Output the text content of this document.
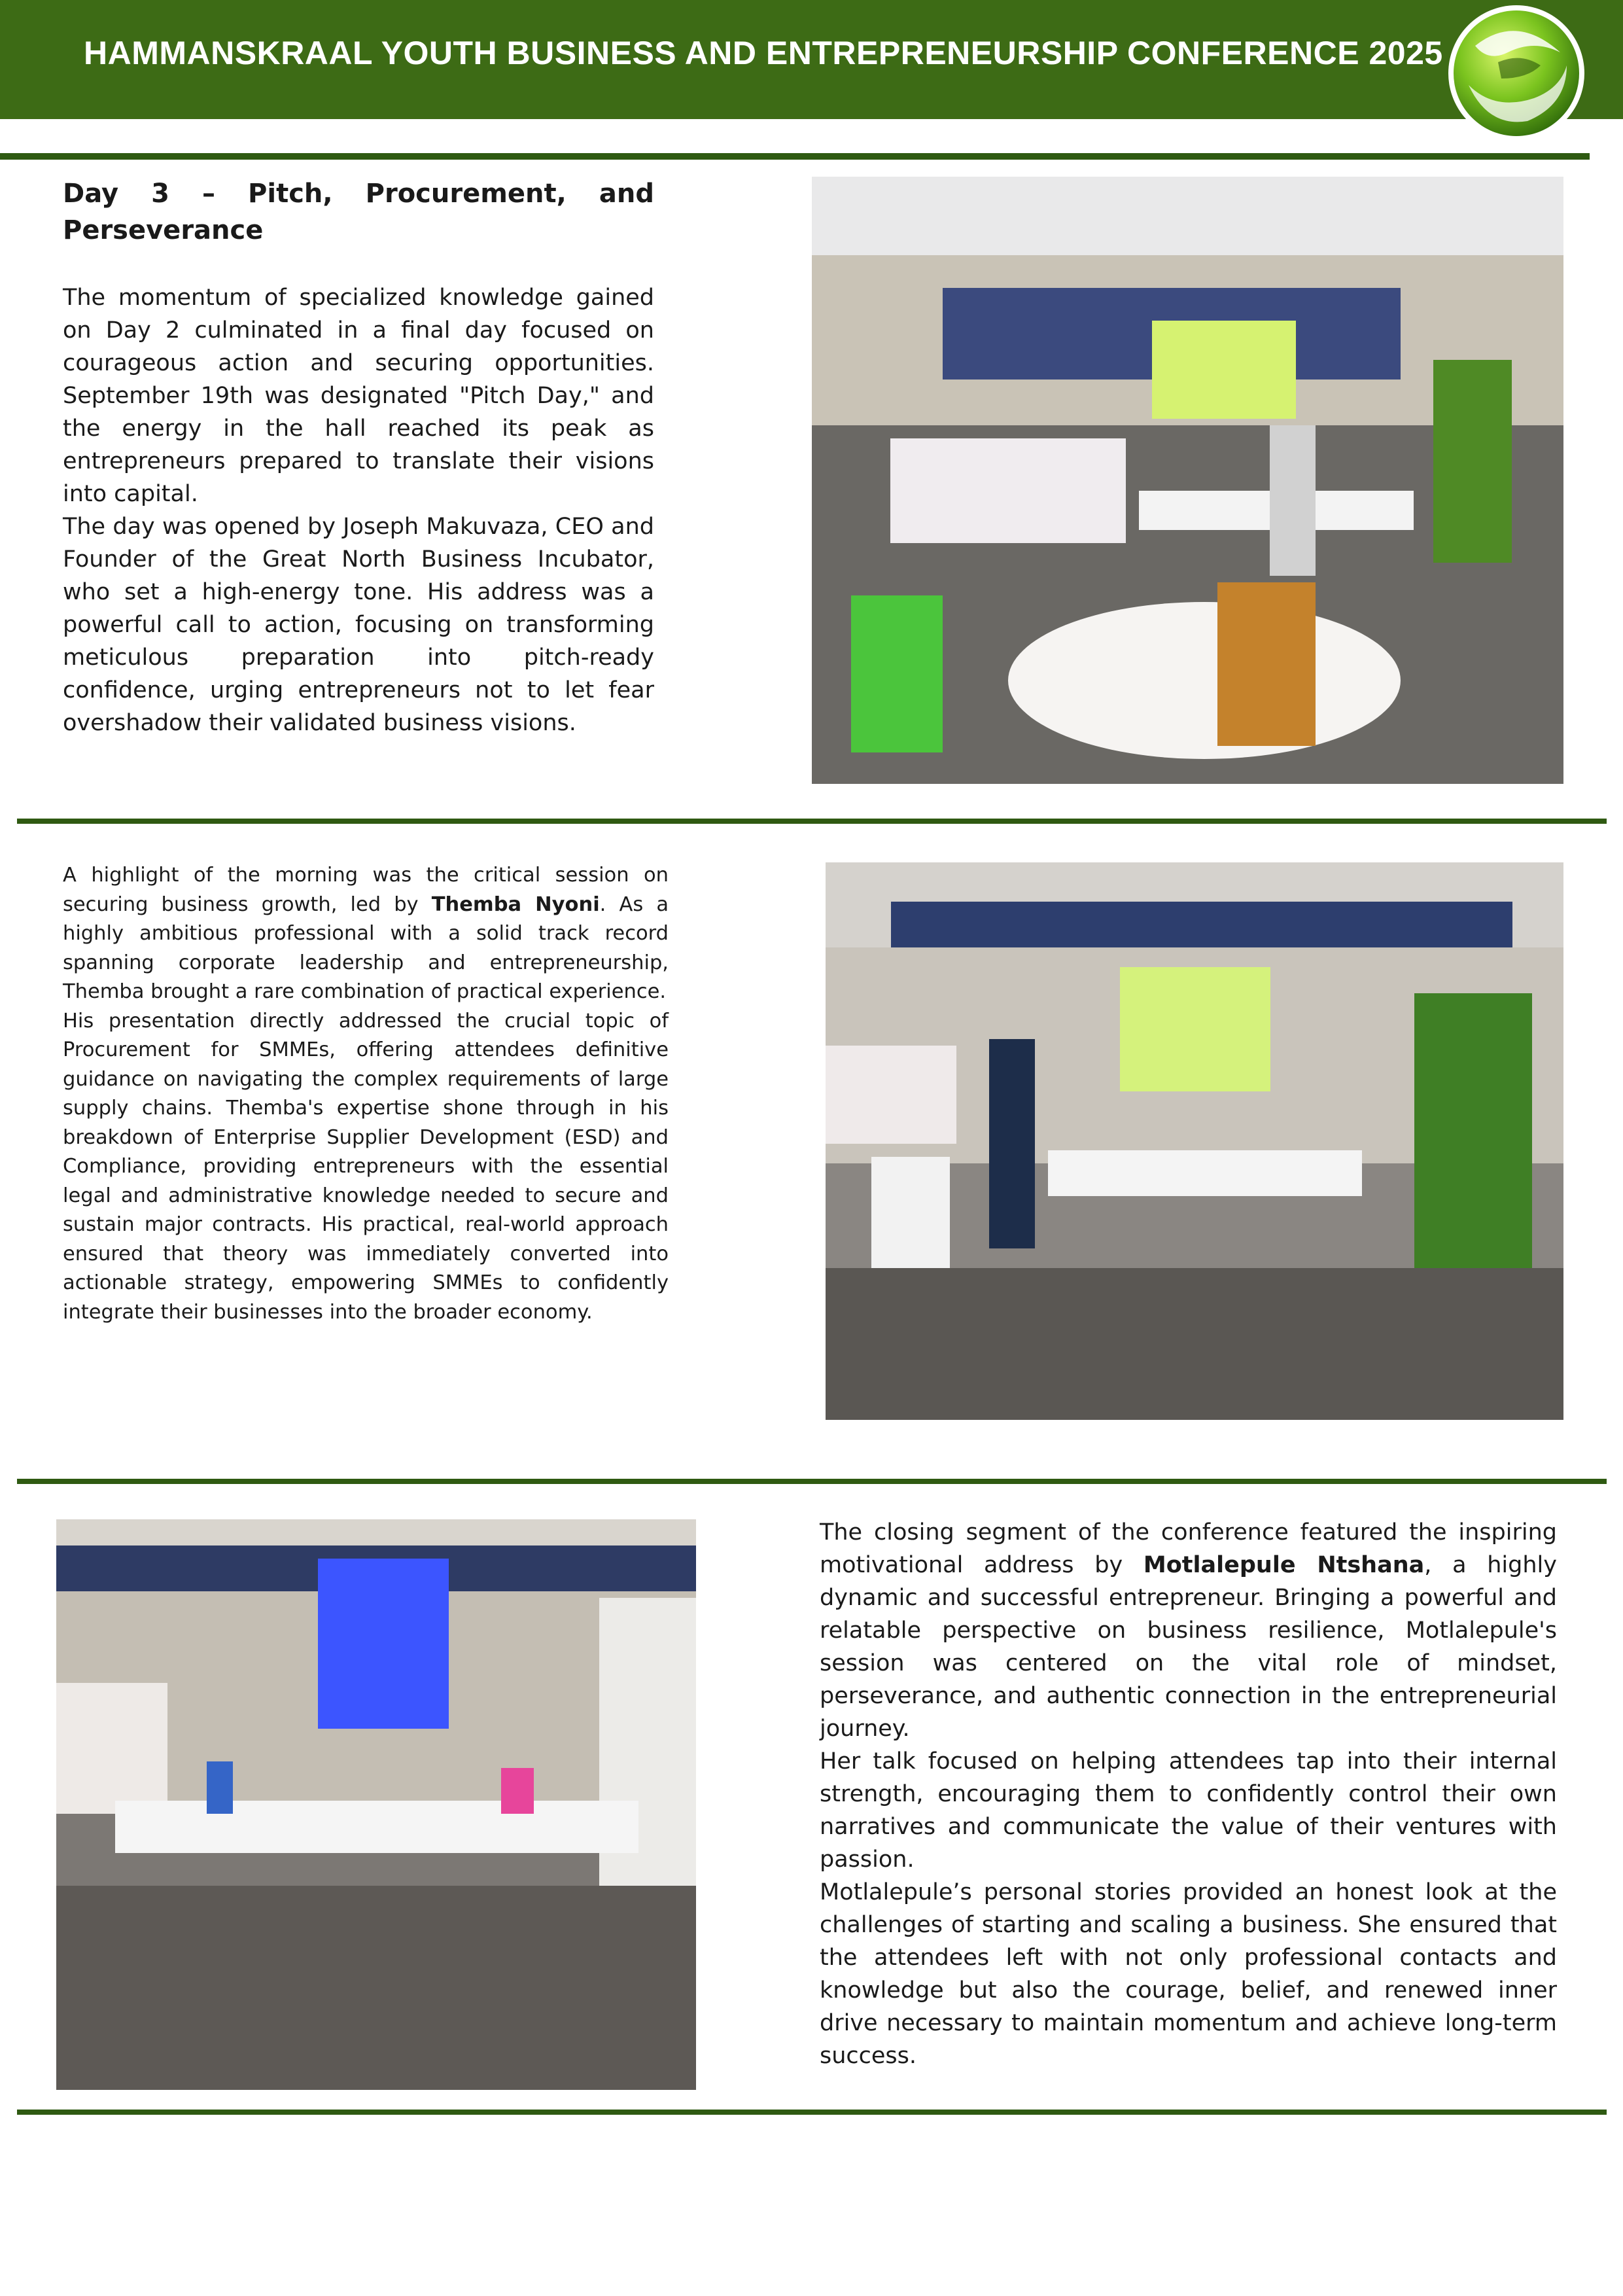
HAMMANSKRAAL YOUTH BUSINESS AND ENTREPRENEURSHIP CONFERENCE 2025
Day 3 – Pitch, Procurement, and Perseverance

The momentum of specialized knowledge gained on Day 2 culminated in a final day focused on courageous action and securing opportunities. September 19th was designated "Pitch Day," and the energy in the hall reached its peak as entrepreneurs prepared to translate their visions into capital.

The day was opened by Joseph Makuvaza, CEO and Founder of the Great North Business Incubator, who set a high-energy tone. His address was a powerful call to action, focusing on transforming meticulous preparation into pitch-ready confidence, urging entrepreneurs not to let fear overshadow their validated business visions.

A highlight of the morning was the critical session on securing business growth, led by Themba Nyoni. As a highly ambitious professional with a solid track record spanning corporate leadership and entrepreneurship, Themba brought a rare combination of practical experience.

His presentation directly addressed the crucial topic of Procurement for SMMEs, offering attendees definitive guidance on navigating the complex requirements of large supply chains. Themba's expertise shone through in his breakdown of Enterprise Supplier Development (ESD) and Compliance, providing entrepreneurs with the essential legal and administrative knowledge needed to secure and sustain major contracts. His practical, real-world approach ensured that theory was immediately converted into actionable strategy, empowering SMMEs to confidently integrate their businesses into the broader economy.

The closing segment of the conference featured the inspiring motivational address by Motlalepule Ntshana, a highly dynamic and successful entrepreneur. Bringing a powerful and relatable perspective on business resilience, Motlalepule's session was centered on the vital role of mindset, perseverance, and authentic connection in the entrepreneurial journey.

Her talk focused on helping attendees tap into their internal strength, encouraging them to confidently control their own narratives and communicate the value of their ventures with passion.

Motlalepule’s personal stories provided an honest look at the challenges of starting and scaling a business. She ensured that the attendees left with not only professional contacts and knowledge but also the courage, belief, and renewed inner drive necessary to maintain momentum and achieve long-term success.
